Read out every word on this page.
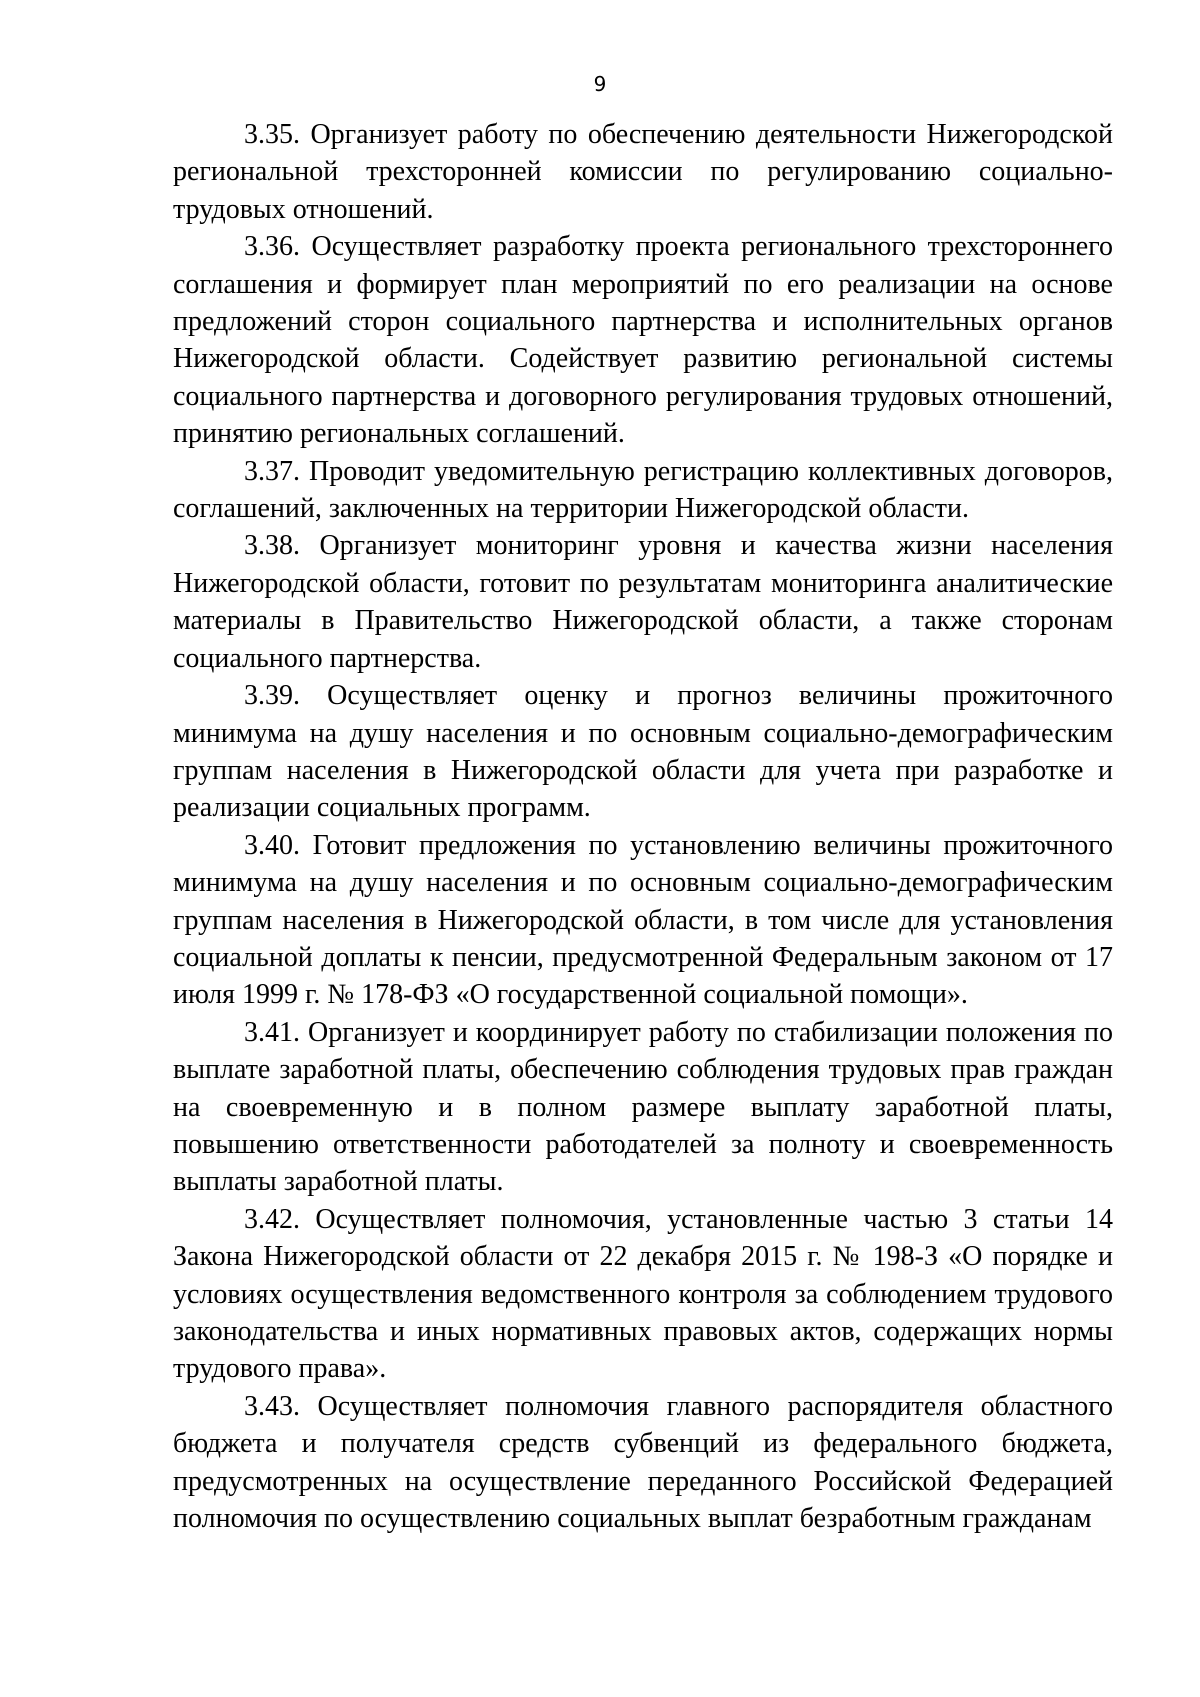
9

3.35. Организует работу по обеспечению деятельности Нижегородской региональной трехсторонней комиссии по регулированию социально-трудовых отношений.

3.36. Осуществляет разработку проекта регионального трехстороннего соглашения и формирует план мероприятий по его реализации на основе предложений сторон социального партнерства и исполнительных органов Нижегородской области. Содействует развитию региональной системы социального партнерства и договорного регулирования трудовых отношений, принятию региональных соглашений.

3.37. Проводит уведомительную регистрацию коллективных договоров, соглашений, заключенных на территории Нижегородской области.

3.38. Организует мониторинг уровня и качества жизни населения Нижегородской области, готовит по результатам мониторинга аналитические материалы в Правительство Нижегородской области, а также сторонам социального партнерства.

3.39. Осуществляет оценку и прогноз величины прожиточного минимума на душу населения и по основным социально-демографическим группам населения в Нижегородской области для учета при разработке и реализации социальных программ.

3.40. Готовит предложения по установлению величины прожиточного минимума на душу населения и по основным социально-демографическим группам населения в Нижегородской области, в том числе для установления социальной доплаты к пенсии, предусмотренной Федеральным законом от 17 июля 1999 г. № 178-ФЗ «О государственной социальной помощи».

3.41. Организует и координирует работу по стабилизации положения по выплате заработной платы, обеспечению соблюдения трудовых прав граждан на своевременную и в полном размере выплату заработной платы, повышению ответственности работодателей за полноту и своевременность выплаты заработной платы.

3.42. Осуществляет полномочия, установленные частью 3 статьи 14 Закона Нижегородской области от 22 декабря 2015 г. № 198-З «О порядке и условиях осуществления ведомственного контроля за соблюдением трудового законодательства и иных нормативных правовых актов, содержащих нормы трудового права».

3.43. Осуществляет полномочия главного распорядителя областного бюджета и получателя средств субвенций из федерального бюджета, предусмотренных на осуществление переданного Российской Федерацией полномочия по осуществлению социальных выплат безработным гражданам
